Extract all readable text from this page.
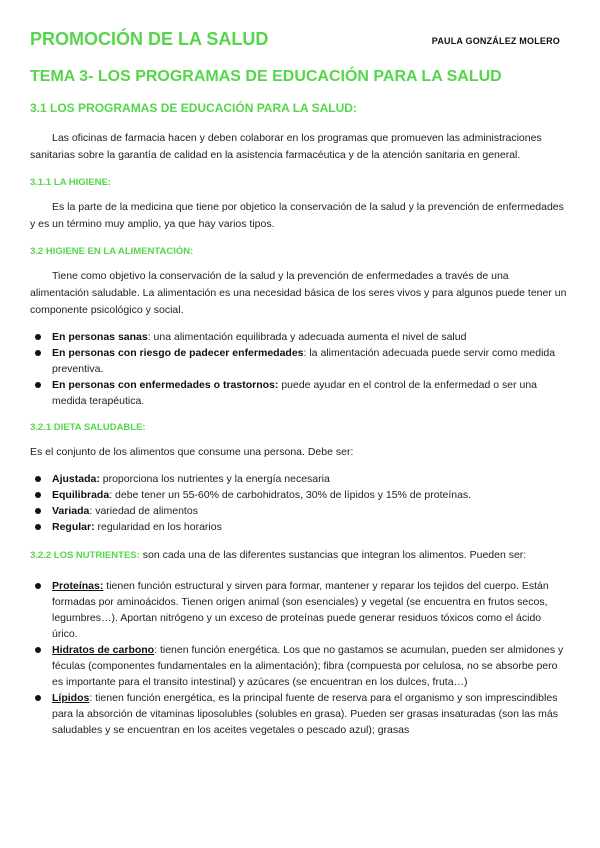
PROMOCIÓN DE LA SALUD	PAULA GONZÁLEZ MOLERO
TEMA 3- LOS PROGRAMAS DE EDUCACIÓN PARA LA SALUD
3.1 LOS PROGRAMAS DE EDUCACIÓN PARA LA SALUD:

Las oficinas de farmacia hacen y deben colaborar en los programas que promueven las administraciones sanitarias sobre la garantía de calidad en la asistencia farmacéutica y de la atención sanitaria en general.

3.1.1 LA HIGIENE:

Es la parte de la medicina que tiene por objetico la conservación de la salud y la prevención de enfermedades y es un término muy amplio, ya que hay varios tipos.

3.2 HIGIENE EN LA ALIMENTACIÓN:

Tiene como objetivo la conservación de la salud y la prevención de enfermedades a través de una alimentación saludable. La alimentación es una necesidad básica de los seres vivos y para algunos puede tener un componente psicológico y social.

En personas sanas: una alimentación equilibrada y adecuada aumenta el nivel de salud
En personas con riesgo de padecer enfermedades: la alimentación adecuada puede servir como medida preventiva.
En personas con enfermedades o trastornos: puede ayudar en el control de la enfermedad o ser una medida terapéutica.
3.2.1 DIETA SALUDABLE:

Es el conjunto de los alimentos que consume una persona. Debe ser:

Ajustada: proporciona los nutrientes y la energía necesaria
Equilibrada: debe tener un 55-60% de carbohidratos, 30% de lípidos y 15% de proteínas.
Variada: variedad de alimentos
Regular: regularidad en los horarios

3.2.2 LOS NUTRIENTES: son cada una de las diferentes sustancias que integran los alimentos. Pueden ser:

Proteínas: tienen función estructural y sirven para formar, mantener y reparar los tejidos del cuerpo. Están formadas por aminoácidos. Tienen origen animal (son esenciales) y vegetal (se encuentra en frutos secos, legumbres…). Aportan nitrógeno y un exceso de proteínas puede generar residuos tóxicos como el ácido úrico.
Hidratos de carbono: tienen función energética. Los que no gastamos se acumulan, pueden ser almidones y féculas (componentes fundamentales en la alimentación); fibra (compuesta por celulosa, no se absorbe pero es importante para el transito intestinal) y azúcares (se encuentran en los dulces, fruta…)
Lípidos: tienen función energética, es la principal fuente de reserva para el organismo y son imprescindibles para la absorción de vitaminas liposolubles (solubles en grasa). Pueden ser grasas insaturadas (son las más saludables y se encuentran en los aceites vegetales o pescado azul); grasas
